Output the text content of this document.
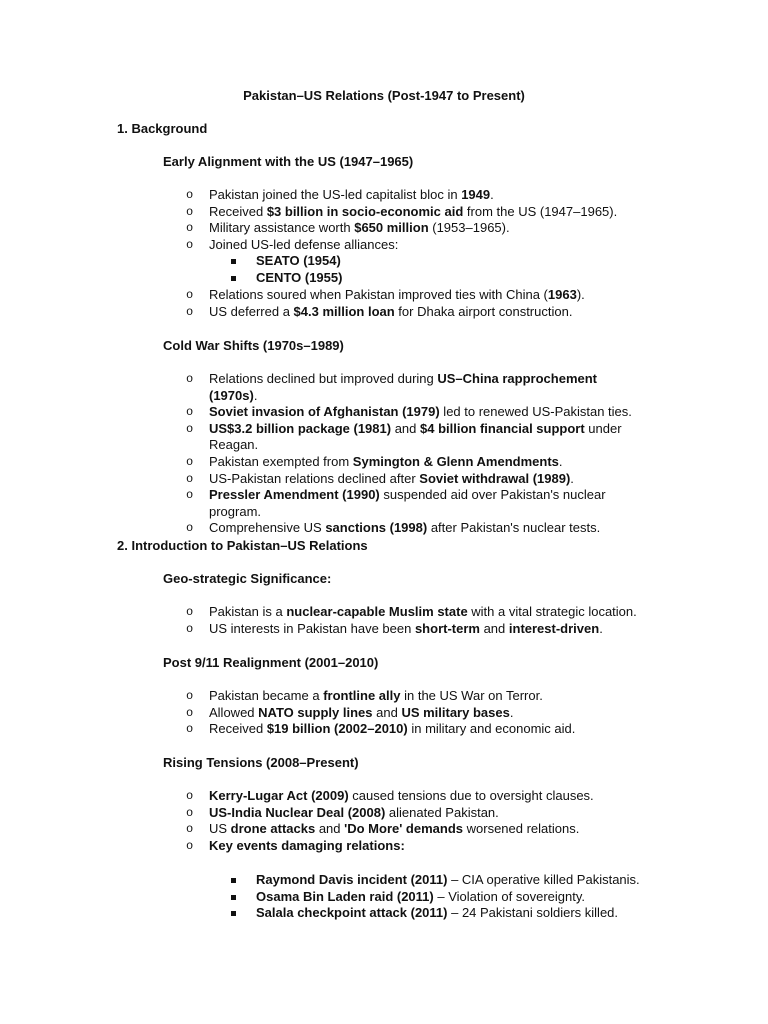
Pakistan–US Relations (Post-1947 to Present)
1. Background
Early Alignment with the US (1947–1965)
o Pakistan joined the US-led capitalist bloc in 1949.
o Received $3 billion in socio-economic aid from the US (1947–1965).
o Military assistance worth $650 million (1953–1965).
o Joined US-led defense alliances:
SEATO (1954)
CENTO (1955)
o Relations soured when Pakistan improved ties with China (1963).
o US deferred a $4.3 million loan for Dhaka airport construction.
Cold War Shifts (1970s–1989)
o Relations declined but improved during US–China rapprochement (1970s).
o Soviet invasion of Afghanistan (1979) led to renewed US-Pakistan ties.
o US$3.2 billion package (1981) and $4 billion financial support under Reagan.
o Pakistan exempted from Symington & Glenn Amendments.
o US-Pakistan relations declined after Soviet withdrawal (1989).
o Pressler Amendment (1990) suspended aid over Pakistan's nuclear program.
o Comprehensive US sanctions (1998) after Pakistan's nuclear tests.
2. Introduction to Pakistan–US Relations
Geo-strategic Significance:
o Pakistan is a nuclear-capable Muslim state with a vital strategic location.
o US interests in Pakistan have been short-term and interest-driven.
Post 9/11 Realignment (2001–2010)
o Pakistan became a frontline ally in the US War on Terror.
o Allowed NATO supply lines and US military bases.
o Received $19 billion (2002–2010) in military and economic aid.
Rising Tensions (2008–Present)
o Kerry-Lugar Act (2009) caused tensions due to oversight clauses.
o US-India Nuclear Deal (2008) alienated Pakistan.
o US drone attacks and 'Do More' demands worsened relations.
o Key events damaging relations:
Raymond Davis incident (2011) – CIA operative killed Pakistanis.
Osama Bin Laden raid (2011) – Violation of sovereignty.
Salala checkpoint attack (2011) – 24 Pakistani soldiers killed.
